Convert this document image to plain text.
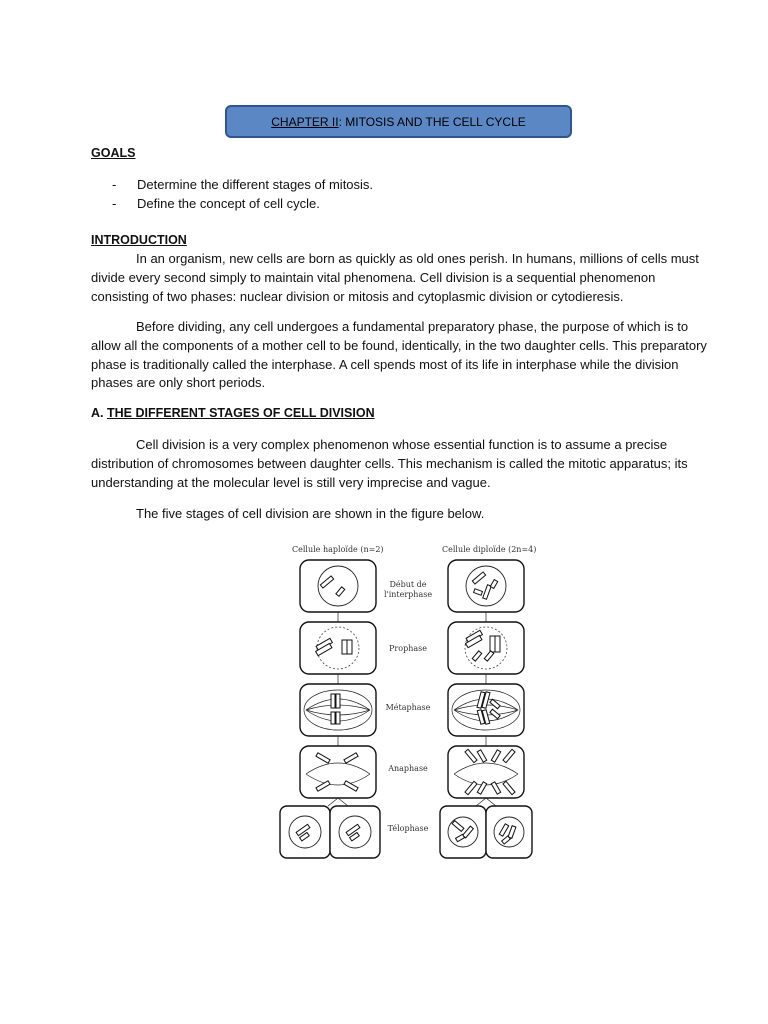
CHAPTER II: MITOSIS AND THE CELL CYCLE
GOALS
- Determine the different stages of mitosis.
- Define the concept of cell cycle.
INTRODUCTION

In an organism, new cells are born as quickly as old ones perish. In humans, millions of cells must divide every second simply to maintain vital phenomena. Cell division is a sequential phenomenon consisting of two phases: nuclear division or mitosis and cytoplasmic division or cytodieresis.

Before dividing, any cell undergoes a fundamental preparatory phase, the purpose of which is to allow all the components of a mother cell to be found, identically, in the two daughter cells. This preparatory phase is traditionally called the interphase. A cell spends most of its life in interphase while the division phases are only short periods.

A. THE DIFFERENT STAGES OF CELL DIVISION

Cell division is a very complex phenomenon whose essential function is to assume a precise distribution of chromosomes between daughter cells. This mechanism is called the mitotic apparatus; its understanding at the molecular level is still very imprecise and vague.

The five stages of cell division are shown in the figure below.

Cellule haploïde (n=2)	Cellule diploïde (2n=4)
Début de
l'interphase
Prophase
Métaphase
Anaphase
Télophase
